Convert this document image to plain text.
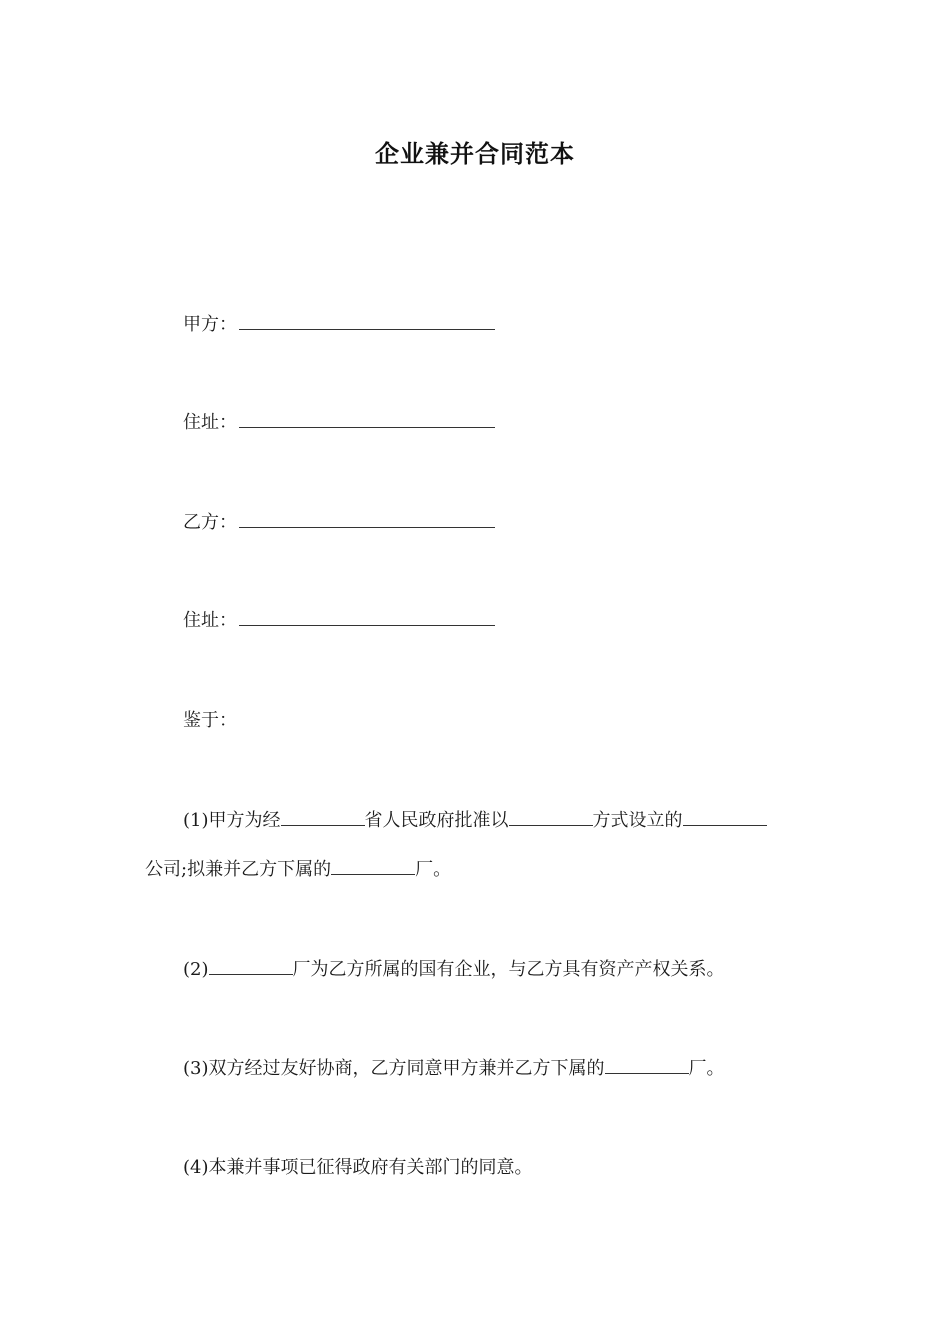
企业兼并合同范本
甲方：
住址：
乙方：
住址：
鉴于：
(1)甲方为经	省人民政府批准以	方式设立的
公司;拟兼并乙方下属的	厂。
(2)	厂为乙方所属的国有企业，与乙方具有资产产权关系。
(3)双方经过友好协商，乙方同意甲方兼并乙方下属的	厂。
(4)本兼并事项已征得政府有关部门的同意。
